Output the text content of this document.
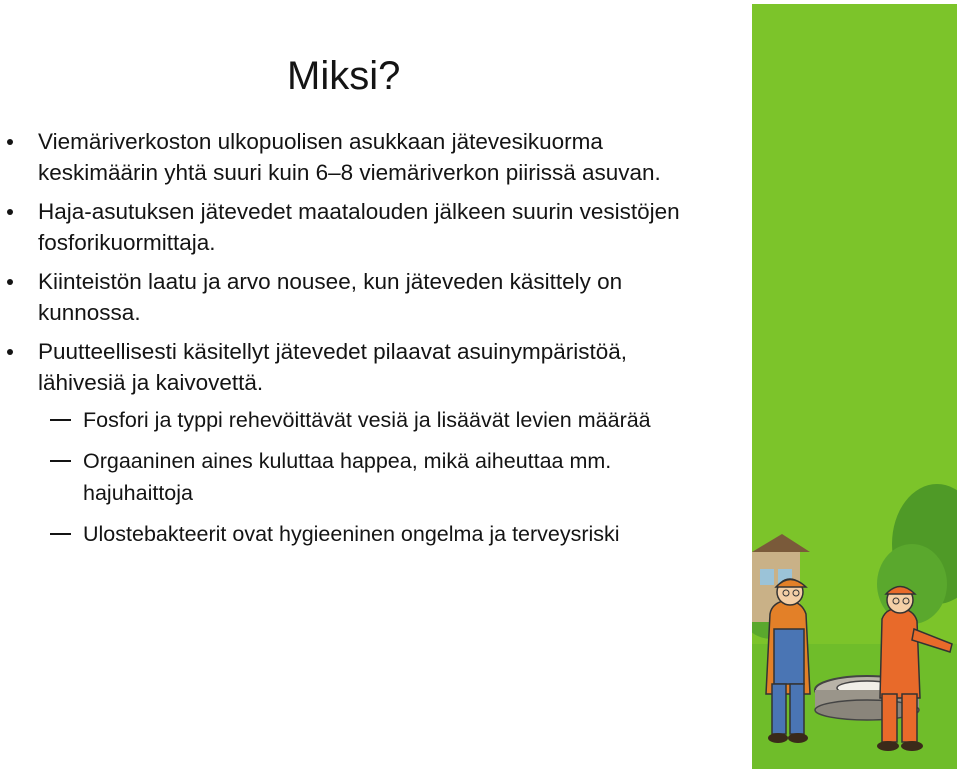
Miksi?
Viemäriverkoston ulkopuolisen asukkaan jätevesikuorma keskimäärin yhtä suuri kuin 6–8 viemäriverkon piirissä asuvan.
Haja-asutuksen jätevedet maatalouden jälkeen suurin vesistöjen fosforikuormittaja.
Kiinteistön laatu ja arvo nousee, kun jäteveden käsittely on kunnossa.
Puutteellisesti käsitellyt jätevedet pilaavat asuinympäristöä, lähivesiä ja kaivovettä.
Fosfori ja typpi rehevöittävät vesiä ja lisäävät levien määrää
Orgaaninen aines kuluttaa happea, mikä aiheuttaa mm. hajuhaittoja
Ulostebakteerit ovat hygieeninen ongelma ja terveysriski
